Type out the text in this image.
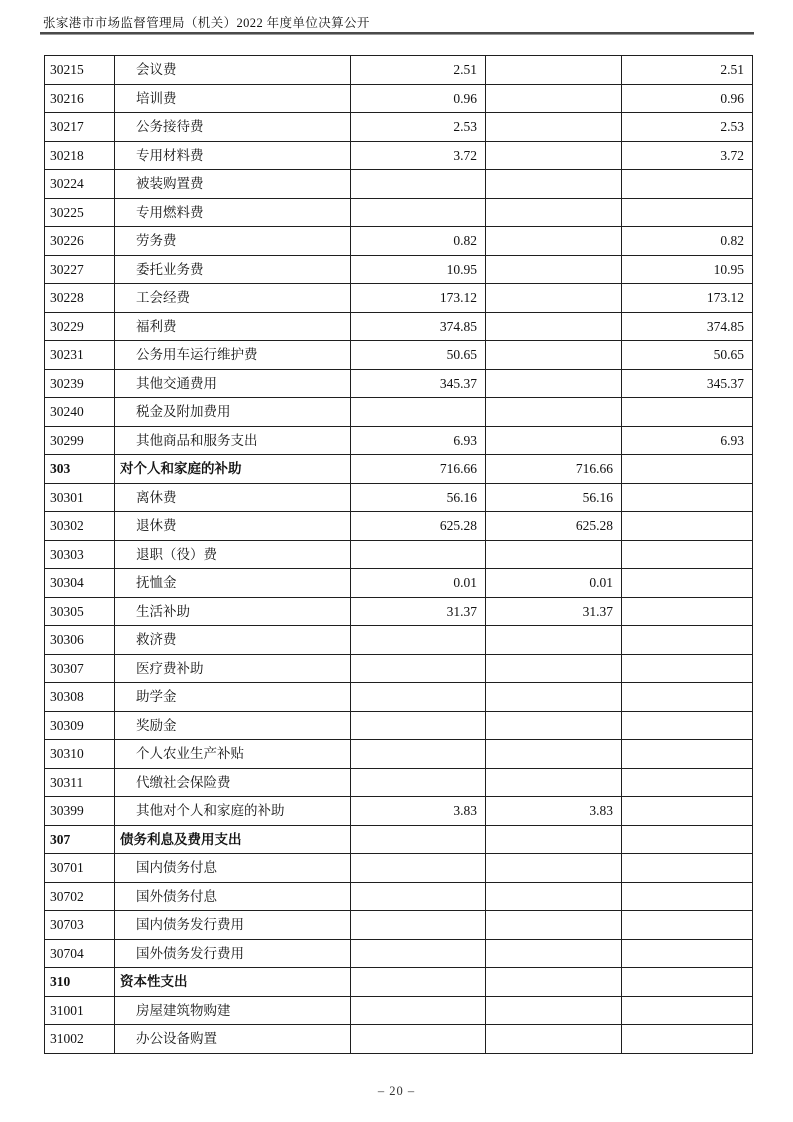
张家港市市场监督管理局（机关）2022 年度单位决算公开
30215	会议费	2.51		2.51
30216	培训费	0.96		0.96
30217	公务接待费	2.53		2.53
30218	专用材料费	3.72		3.72
30224	被装购置费			
30225	专用燃料费			
30226	劳务费	0.82		0.82
30227	委托业务费	10.95		10.95
30228	工会经费	173.12		173.12
30229	福利费	374.85		374.85
30231	公务用车运行维护费	50.65		50.65
30239	其他交通费用	345.37		345.37
30240	税金及附加费用			
30299	其他商品和服务支出	6.93		6.93
303	对个人和家庭的补助	716.66	716.66	
30301	离休费	56.16	56.16	
30302	退休费	625.28	625.28	
30303	退职（役）费			
30304	抚恤金	0.01	0.01	
30305	生活补助	31.37	31.37	
30306	救济费			
30307	医疗费补助			
30308	助学金			
30309	奖励金			
30310	个人农业生产补贴			
30311	代缴社会保险费			
30399	其他对个人和家庭的补助	3.83	3.83	
307	债务利息及费用支出			
30701	国内债务付息			
30702	国外债务付息			
30703	国内债务发行费用			
30704	国外债务发行费用			
310	资本性支出			
31001	房屋建筑物购建			
31002	办公设备购置			
– 20 –
